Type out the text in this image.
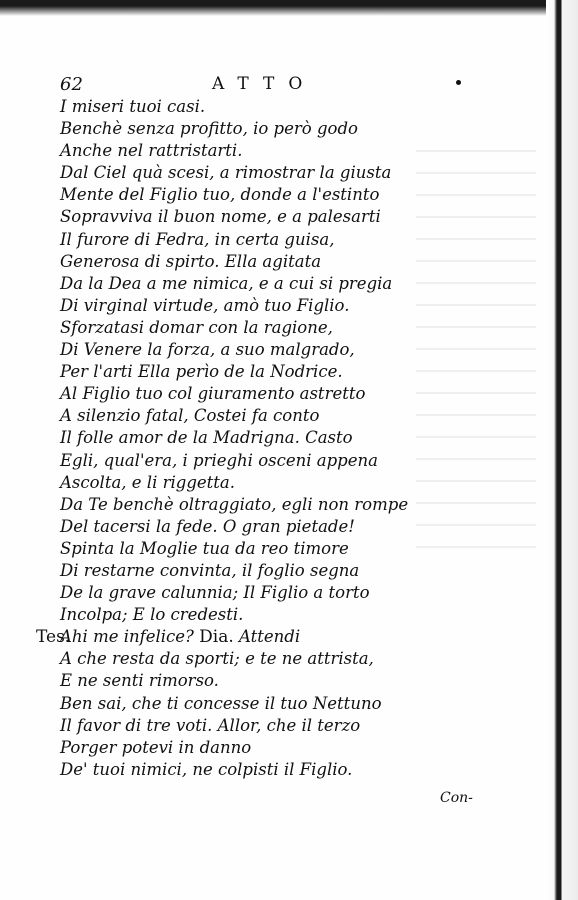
62	ATTO
I miseri tuoi casi.
Benchè senza profitto, io però godo
Anche nel rattristarti.
Dal Ciel quà scesi, a rimostrar la giusta
Mente del Figlio tuo, donde a l'estinto
Sopravviva il buon nome, e a palesarti
Il furore di Fedra, in certa guisa,
Generosa di spirto. Ella agitata
Da la Dea a me nimica, e a cui si pregia
Di virginal virtude, amò tuo Figlio.
Sforzatasi domar con la ragione,
Di Venere la forza, a suo malgrado,
Per l'arti Ella perìo de la Nodrice.
Al Figlio tuo col giuramento astretto
A silenzio fatal, Costei fa conto
Il folle amor de la Madrigna. Casto
Egli, qual'era, i prieghi osceni appena
Ascolta, e li riggetta.
Da Te benchè oltraggiato, egli non rompe
Del tacersi la fede. O gran pietade!
Spinta la Moglie tua da reo timore
Di restarne convinta, il foglio segna
De la grave calunnia; Il Figlio a torto
Incolpa; E lo credesti.
Tes.
Ahi me infelice? Dia. Attendi
A che resta da sporti; e te ne attrista,
E ne senti rimorso.
Ben sai, che ti concesse il tuo Nettuno
Il favor di tre voti. Allor, che il terzo
Porger potevi in danno
De' tuoi nimici, ne colpisti il Figlio.
Con-
